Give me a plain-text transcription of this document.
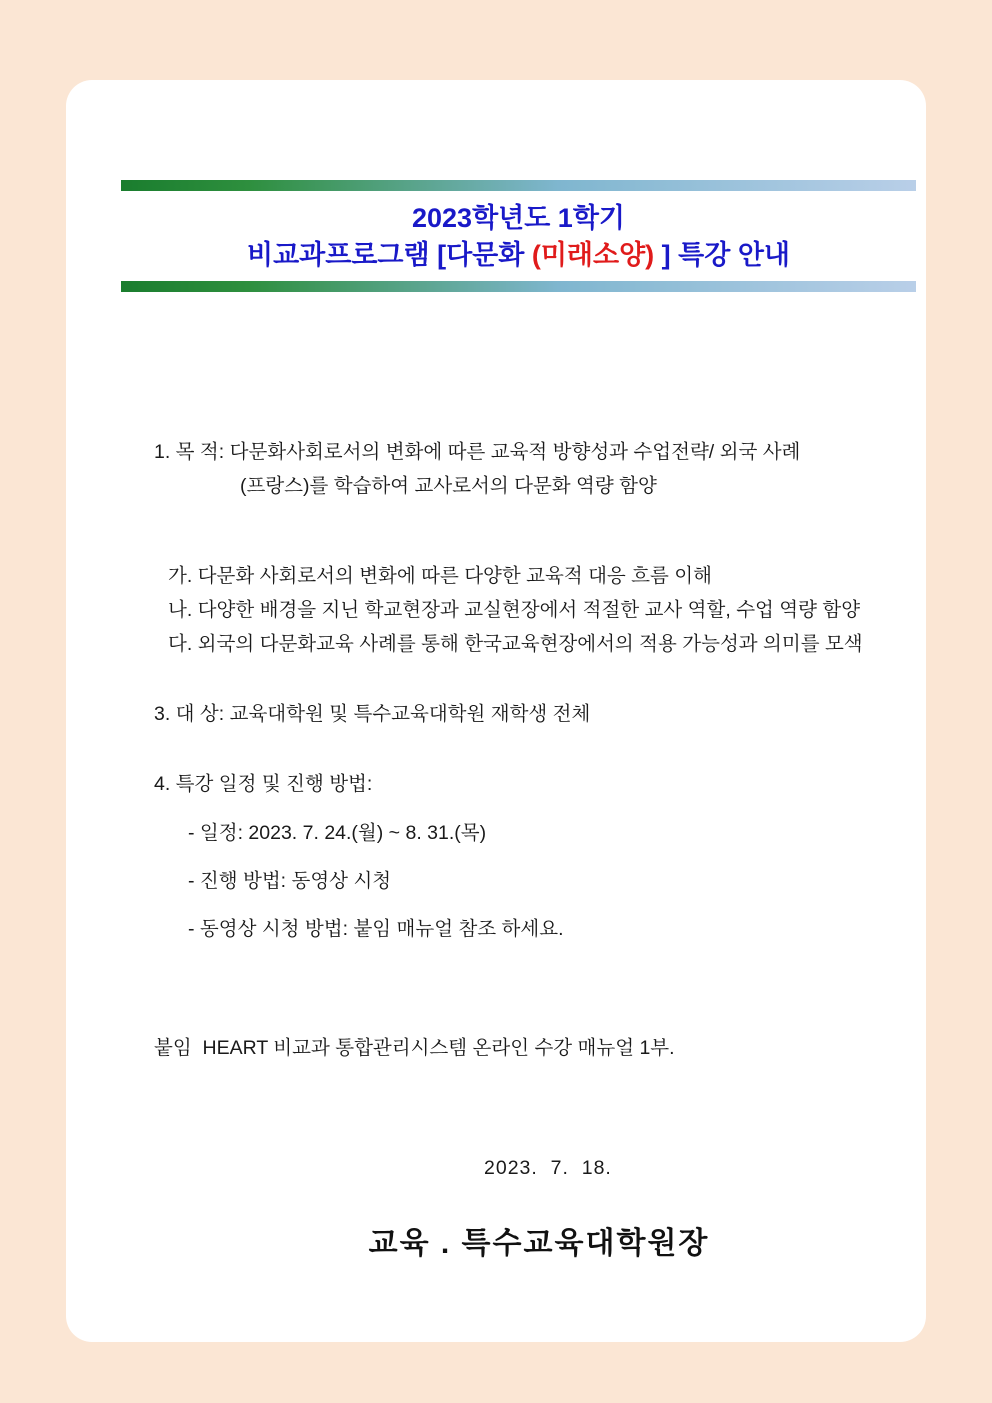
2023학년도 1학기
비교과프로그램 [다문화 (미래소양) ] 특강 안내
1. 목 적: 다문화사회로서의 변화에 따른 교육적 방향성과 수업전략/ 외국 사례
(프랑스)를 학습하여 교사로서의 다문화 역량 함양
가. 다문화 사회로서의 변화에 따른 다양한 교육적 대응 흐름 이해
나. 다양한 배경을 지닌 학교현장과 교실현장에서 적절한 교사 역할, 수업 역량 함양
다. 외국의 다문화교육 사례를 통해 한국교육현장에서의 적용 가능성과 의미를 모색
3. 대 상: 교육대학원 및 특수교육대학원 재학생 전체
4. 특강 일정 및 진행 방법:
- 일정: 2023. 7. 24.(월) ~ 8. 31.(목)
- 진행 방법: 동영상 시청
- 동영상 시청 방법: 붙임 매뉴얼 참조 하세요.
붙임  HEART 비교과 통합관리시스템 온라인 수강 매뉴얼 1부.
2023.  7.  18.
교육 . 특수교육대학원장
